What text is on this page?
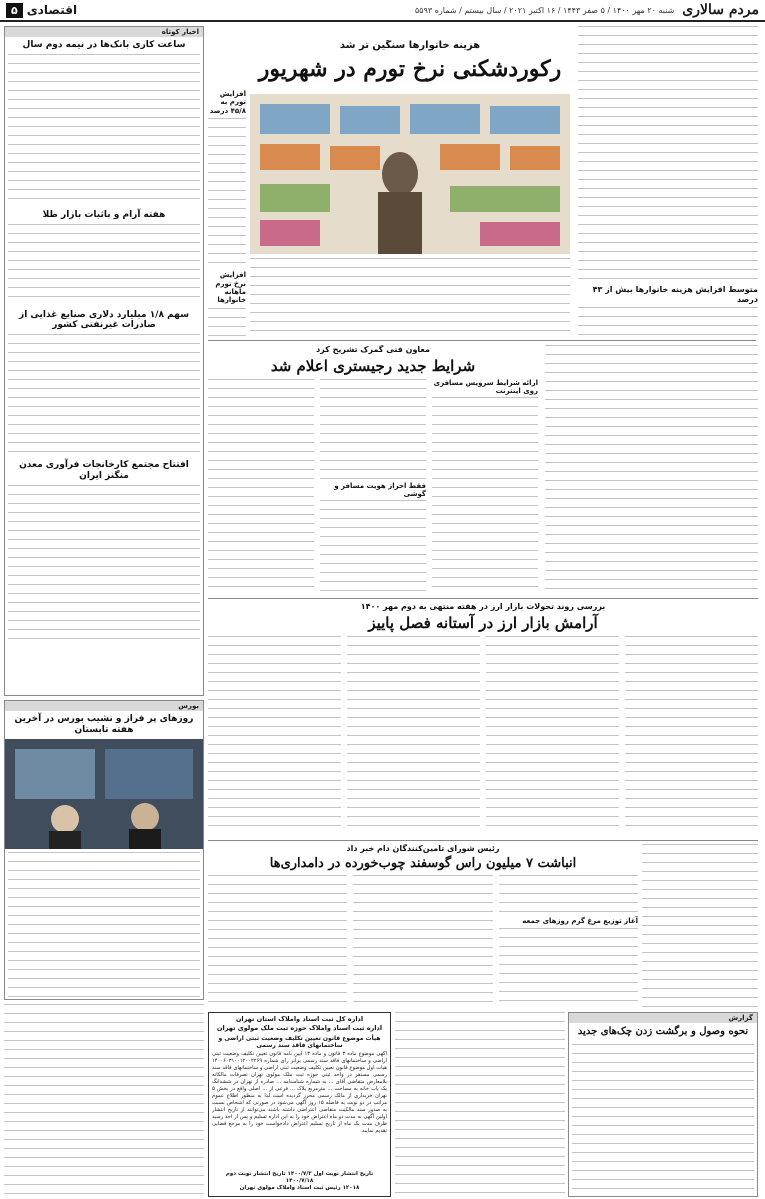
مردم سالاری
شنبه ۲۰ مهر ۱۴۰۰ / ۵ صفر ۱۴۴۳ / ۱۶ اکتبر ۲۰۲۱ / سال بیستم / شماره ۵۵۹۳
اقتصادی
۵
هزینه خانوارها سنگین تر شد
رکوردشکنی نرخ تورم در شهریور
متوسط افزایش هزینه خانوارها بیش از ۴۳ درصد
افزایش تورم به ۴۵/۸ درصد
افزایش نرخ تورم ماهانه خانوارها
اخبار کوتاه
ساعت کاری بانک‌ها در نیمه دوم سال
هفته آرام و باثبات بازار طلا
سهم ۱/۸ میلیارد دلاری صنایع غذایی از صادرات غیرنفتی کشور
افتتاح مجتمع کارخانجات فرآوری معدن منگنز ایران
بورس
روزهای پر فراز و نشیب بورس در آخرین هفته تابستان
معاون فنی گمرک تشریح کرد
شرایط جدید رجیستری اعلام شد
ارائه شرایط سرویس مسافری روی اینترنت
فقط احراز هویت مسافر و گوشی
بررسی روند تحولات بازار ارز در هفته منتهی به دوم مهر ۱۴۰۰
آرامش بازار ارز در آستانه فصل پاییز
رئیس شورای تامین‌کنندگان دام خبر داد
انباشت ۷ میلیون راس گوسفند چوب‌خورده در دامداری‌ها
آغاز توزیع مرغ گرم روزهای جمعه
گزارش
نحوه وصول و برگشت زدن چک‌های جدید
اداره کل ثبت اسناد واملاک استان تهران
اداره ثبت اسناد واملاک حوزه ثبت ملک مولوی تهران
هیأت موضوع قانون تعیین تکلیف وضعیت ثبتی اراضی و ساختمانهای فاقد سند رسمی
آگهی موضوع ماده ۳ قانون و ماده ۱۳ آیین نامه قانون تعیین تکلیف وضعیت ثبتی اراضی و ساختمانهای فاقد سند رسمی برابر رای شماره ۱۴۰۰۶۰۳۱۰۰۱۲۰۰۲۲۶۹ هیات اول موضوع قانون تعیین تکلیف وضعیت ثبتی اراضی و ساختمانهای فاقد سند رسمی مستقر در واحد ثبتی حوزه ثبت ملک مولوی تهران تصرفات مالکانه بلامعارض متقاضی آقای ... به شماره شناسنامه ... صادره از تهران در ششدانگ یک باب خانه به مساحت ... مترمربع پلاک ... فرعی از ... اصلی واقع در بخش ۵ تهران خریداری از مالک رسمی محرز گردیده است لذا به منظور اطلاع عموم مراتب در دو نوبت به فاصله ۱۵ روز آگهی می‌شود در صورتی که اشخاص نسبت به صدور سند مالکیت متقاضی اعتراضی داشته باشند می‌توانند از تاریخ انتشار اولین آگهی به مدت دو ماه اعتراض خود را به این اداره تسلیم و پس از اخذ رسید ظرف مدت یک ماه از تاریخ تسلیم اعتراض دادخواست خود را به مرجع قضایی تقدیم نمایند.
تاریخ انتشار نوبت اول ۱۴۰۰/۷/۳ تاریخ انتشار نوبت دوم ۱۴۰۰/۷/۱۸
۱۲۰۱۸ رئیس ثبت اسناد واملاک مولوی تهران
